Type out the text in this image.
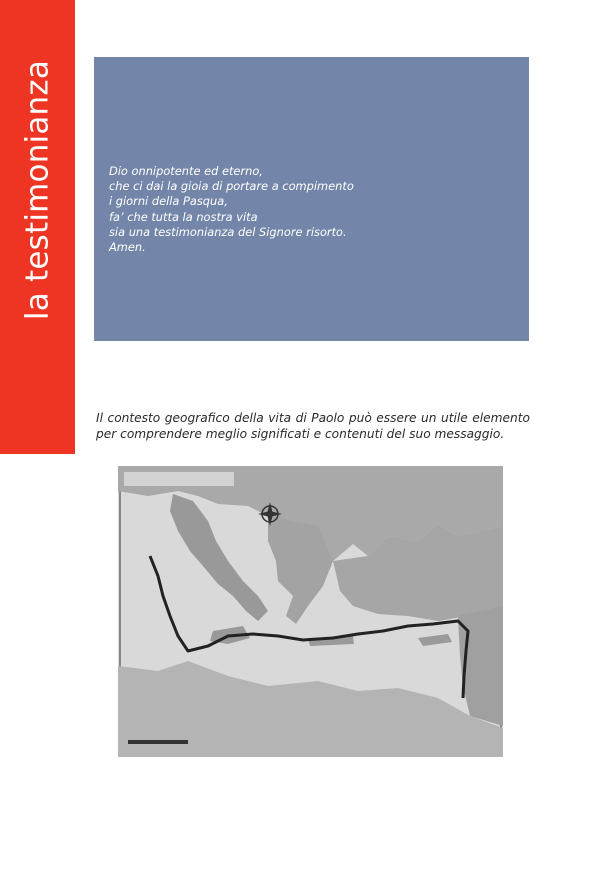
la testimonianza	Dio onnipotente ed eterno,
che ci dai la gioia di portare a compimento
i giorni della Pasqua,
fa’ che tutta la nostra vita
sia una testimonianza del Signore risorto.
Amen.

Il contesto geografico della vita di Paolo può essere un utile elemento per comprendere meglio significati e contenuti del suo messaggio.
